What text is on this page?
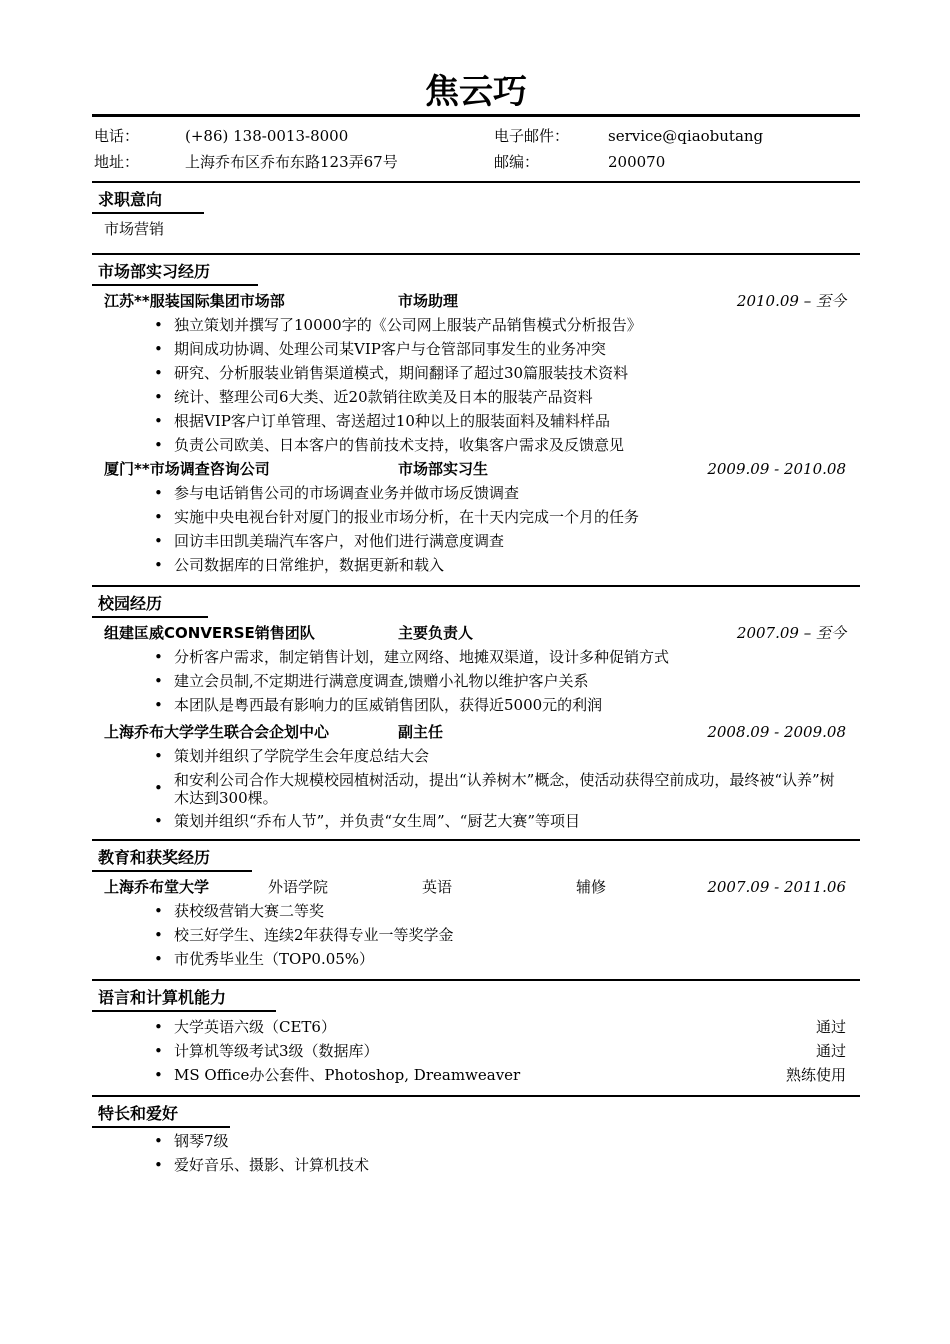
焦云巧
电话：	(+86) 138-0013-8000	电子邮件：	service@qiaobutang
地址：	上海乔布区乔布东路123弄67号	邮编：	200070
求职意向
市场营销
市场部实习经历
江苏**服装国际集团市场部	市场助理	2010.09 – 至今
• 独立策划并撰写了10000字的《公司网上服装产品销售模式分析报告》
• 期间成功协调、处理公司某VIP客户与仓管部同事发生的业务冲突
• 研究、分析服装业销售渠道模式，期间翻译了超过30篇服装技术资料
• 统计、整理公司6大类、近20款销往欧美及日本的服装产品资料
• 根据VIP客户订单管理、寄送超过10种以上的服装面料及辅料样品
• 负责公司欧美、日本客户的售前技术支持，收集客户需求及反馈意见
厦门**市场调查咨询公司	市场部实习生	2009.09 - 2010.08
• 参与电话销售公司的市场调查业务并做市场反馈调查
• 实施中央电视台针对厦门的报业市场分析，在十天内完成一个月的任务
• 回访丰田凯美瑞汽车客户，对他们进行满意度调查
• 公司数据库的日常维护，数据更新和载入
校园经历
组建匡威CONVERSE销售团队	主要负责人	2007.09 – 至今
• 分析客户需求，制定销售计划，建立网络、地摊双渠道，设计多种促销方式
• 建立会员制,不定期进行满意度调查,馈赠小礼物以维护客户关系
• 本团队是粤西最有影响力的匡威销售团队，获得近5000元的利润
上海乔布大学学生联合会企划中心	副主任	2008.09 - 2009.08
• 策划并组织了学院学生会年度总结大会
• 和安利公司合作大规模校园植树活动，提出“认养树木”概念，使活动获得空前成功，最终被“认养”树木达到300棵。
• 策划并组织“乔布人节”，并负责“女生周”、“厨艺大赛”等项目
教育和获奖经历
上海乔布堂大学	外语学院	英语	辅修	2007.09 - 2011.06
• 获校级营销大赛二等奖
• 校三好学生、连续2年获得专业一等奖学金
• 市优秀毕业生（TOP0.05%）
语言和计算机能力
• 大学英语六级（CET6）	通过
• 计算机等级考试3级（数据库）	通过
• MS Office办公套件、Photoshop, Dreamweaver	熟练使用
特长和爱好
• 钢琴7级
• 爱好音乐、摄影、计算机技术
